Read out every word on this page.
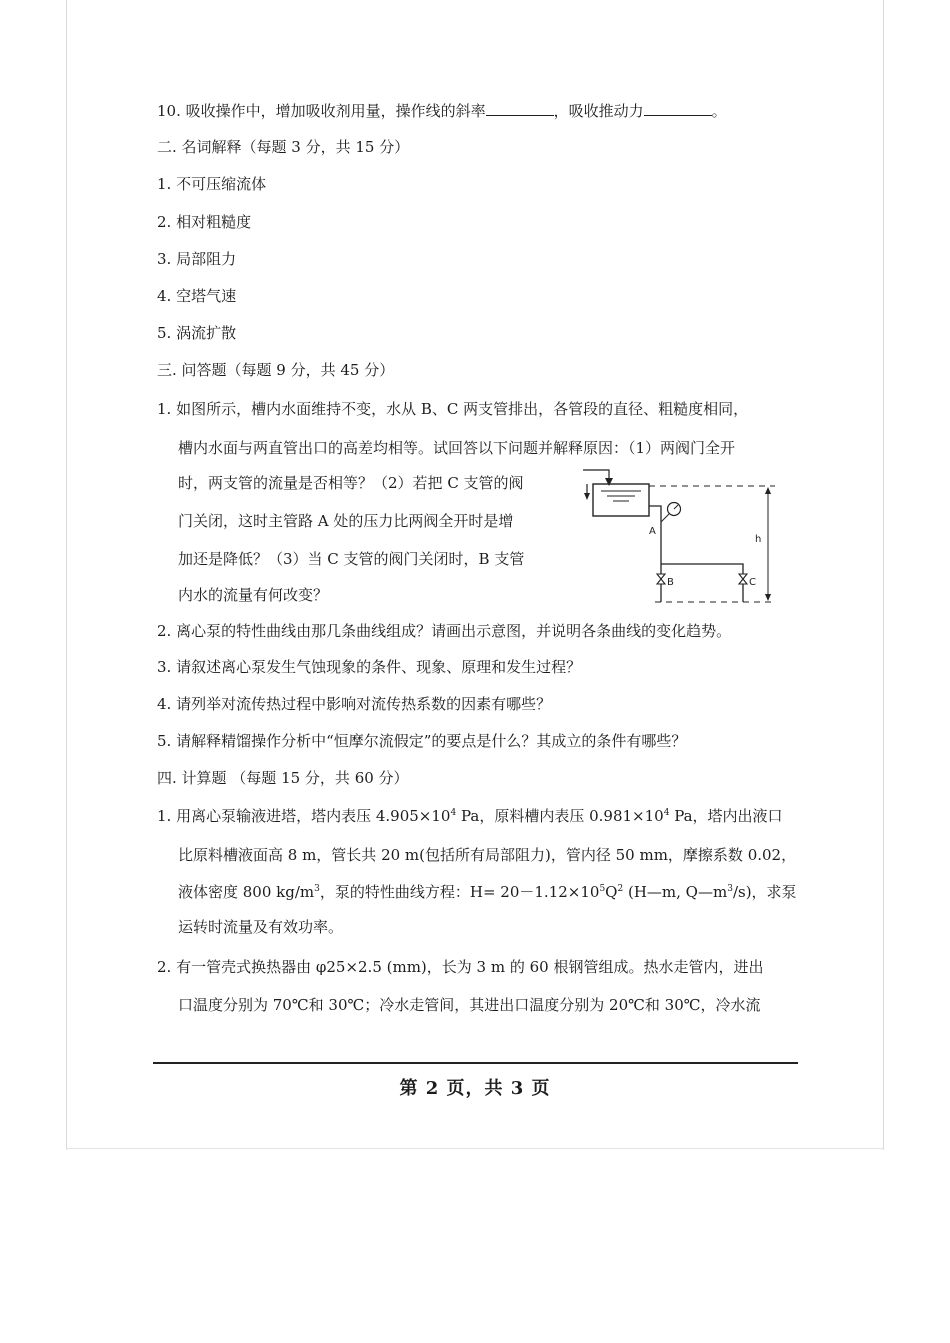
10. 吸收操作中，增加吸收剂用量，操作线的斜率	，吸收推动力	。
二. 名词解释（每题 3 分，共 15 分）
1. 不可压缩流体
2. 相对粗糙度
3. 局部阻力
4. 空塔气速
5. 涡流扩散
三. 问答题（每题 9 分，共 45 分）
1. 如图所示，槽内水面维持不变，水从 B、C 两支管排出，各管段的直径、粗糙度相同，
槽内水面与两直管出口的高差均相等。试回答以下问题并解释原因：（1）两阀门全开
时，两支管的流量是否相等？（2）若把 C 支管的阀
门关闭，这时主管路 A 处的压力比两阀全开时是增
加还是降低？（3）当 C 支管的阀门关闭时，B 支管
内水的流量有何改变？
A
B	C
h
2. 离心泵的特性曲线由那几条曲线组成？请画出示意图，并说明各条曲线的变化趋势。
3. 请叙述离心泵发生气蚀现象的条件、现象、原理和发生过程？
4. 请列举对流传热过程中影响对流传热系数的因素有哪些？
5. 请解释精馏操作分析中“恒摩尔流假定”的要点是什么？其成立的条件有哪些？
四. 计算题 （每题 15 分，共 60 分）
1. 用离心泵输液进塔，塔内表压 $4.905\times 10^4$ Pa，原料槽内表压 $0.981\times 10^4$ Pa，塔内出液口
比原料槽液面高 8 m，管长共 20 m(包括所有局部阻力)，管内径 50 mm，摩擦系数 0.02，
液体密度 800 $kg/m^3$，泵的特性曲线方程：$H= 20-1.12\times 10^5Q^2$ (H—m, $Q—m^3/s$)，求泵
运转时流量及有效功率。
2. 有一管壳式换热器由 φ25×2.5 (mm)，长为 3 m 的 60 根钢管组成。热水走管内，进出
口温度分别为 70℃和 30℃；冷水走管间，其进出口温度分别为 20℃和 30℃，冷水流
第 2 页，共 3 页
